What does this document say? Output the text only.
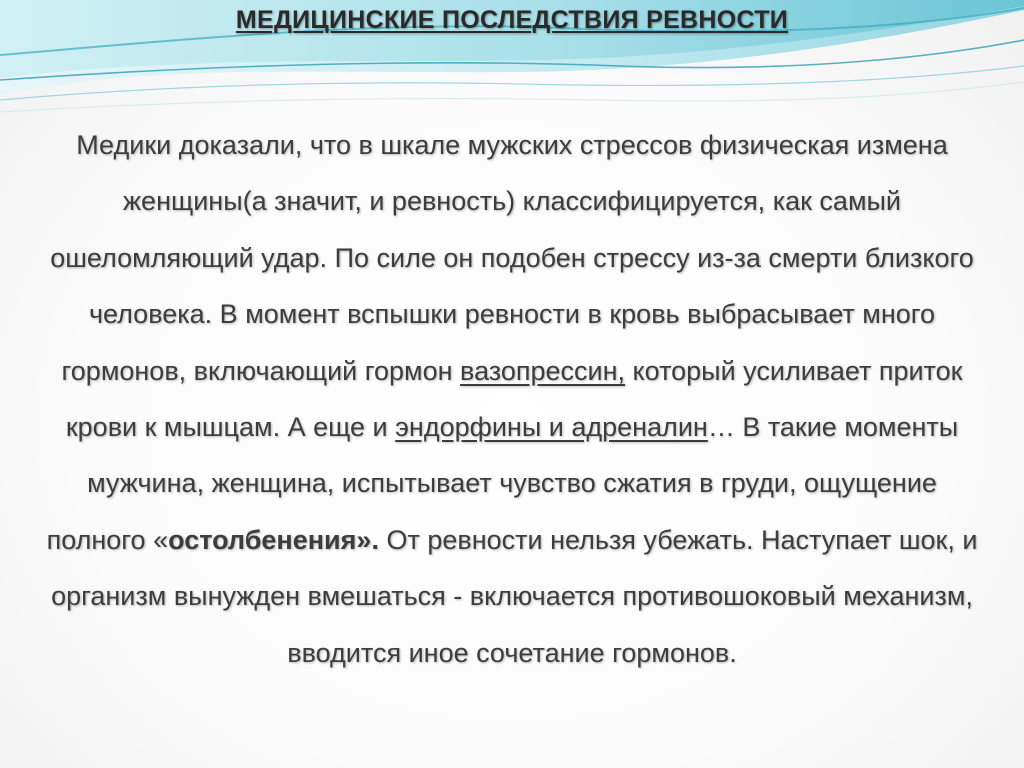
МЕДИЦИНСКИЕ ПОСЛЕДСТВИЯ РЕВНОСТИ

Медики доказали, что в шкале мужских стрессов физическая измена женщины(а значит, и ревность) классифицируется, как самый ошеломляющий удар. По силе он подобен стрессу из-за смерти близкого человека. В момент вспышки ревности в кровь выбрасывает много гормонов, включающий гормон вазопрессин, который усиливает приток крови к мышцам. А еще и эндорфины и адреналин… В такие моменты мужчина, женщина, испытывает чувство сжатия в груди, ощущение полного «остолбенения». От ревности нельзя убежать. Наступает шок, и организм вынужден вмешаться - включается противошоковый механизм, вводится иное сочетание гормонов.
